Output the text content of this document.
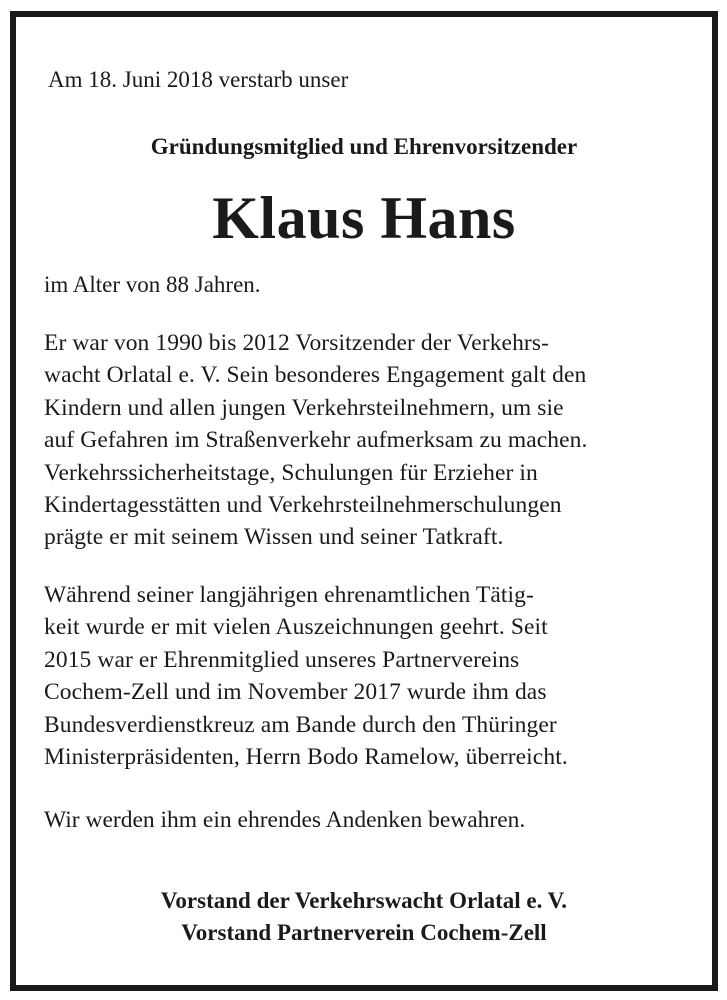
Am 18. Juni 2018 verstarb unser
Gründungsmitglied und Ehrenvorsitzender
Klaus Hans
im Alter von 88 Jahren.

Er war von 1990 bis 2012 Vorsitzender der Verkehrs-
wacht Orlatal e. V. Sein besonderes Engagement galt den
Kindern und allen jungen Verkehrsteilnehmern, um sie
auf Gefahren im Straßenverkehr aufmerksam zu machen.
Verkehrssicherheitstage, Schulungen für Erzieher in
Kindertagesstätten und Verkehrsteilnehmerschulungen
prägte er mit seinem Wissen und seiner Tatkraft.

Während seiner langjährigen ehrenamtlichen Tätig-
keit wurde er mit vielen Auszeichnungen geehrt. Seit
2015 war er Ehrenmitglied unseres Partnervereins
Cochem-Zell und im November 2017 wurde ihm das
Bundesverdienstkreuz am Bande durch den Thüringer
Ministerpräsidenten, Herrn Bodo Ramelow, überreicht.

Wir werden ihm ein ehrendes Andenken bewahren.
Vorstand der Verkehrswacht Orlatal e. V.
Vorstand Partnerverein Cochem-Zell
